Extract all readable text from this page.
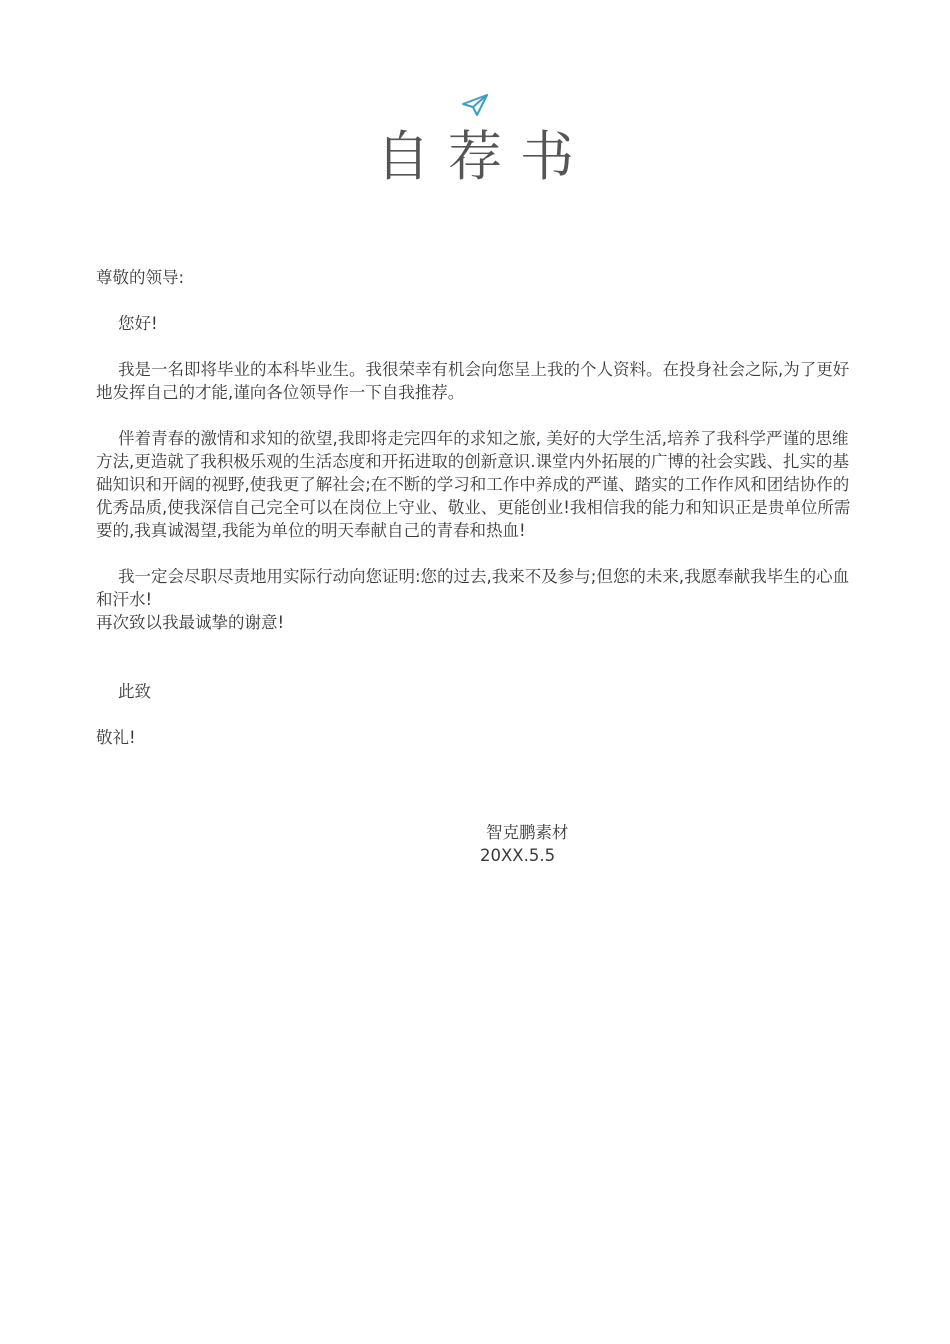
自荐书

尊敬的领导:

您好!

我是一名即将毕业的本科毕业生。我很荣幸有机会向您呈上我的个人资料。在投身社会之际,为了更好地发挥自己的才能,谨向各位领导作一下自我推荐。

伴着青春的激情和求知的欲望,我即将走完四年的求知之旅, 美好的大学生活,培养了我科学严谨的思维方法,更造就了我积极乐观的生活态度和开拓进取的创新意识.课堂内外拓展的广博的社会实践、扎实的基础知识和开阔的视野,使我更了解社会;在不断的学习和工作中养成的严谨、踏实的工作作风和团结协作的优秀品质,使我深信自己完全可以在岗位上守业、敬业、更能创业!我相信我的能力和知识正是贵单位所需要的,我真诚渴望,我能为单位的明天奉献自己的青春和热血!

我一定会尽职尽责地用实际行动向您证明:您的过去,我来不及参与;但您的未来,我愿奉献我毕生的心血和汗水!

再次致以我最诚挚的谢意!

此致

敬礼!

智克鹏素材
20XX.5.5
